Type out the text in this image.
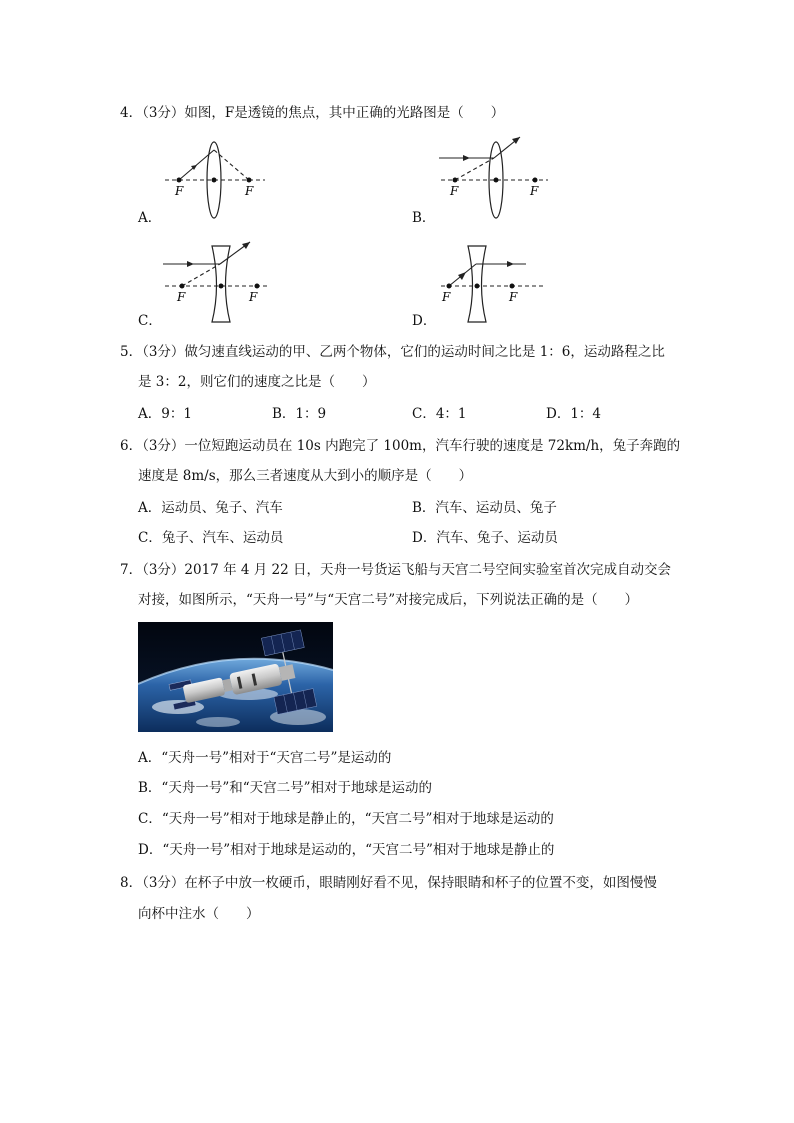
4．（3分）如图，F是透镜的焦点，其中正确的光路图是（　　）
F	F
A．
F	F
B．
F	F
C．
F	F
D．
5．（3分）做匀速直线运动的甲、乙两个物体，它们的运动时间之比是 1：6，运动路程之比
是 3：2，则它们的速度之比是（　　）
A．9：1	B．1：9	C．4：1	D．1：4
6．（3分）一位短跑运动员在 10s 内跑完了 100m，汽车行驶的速度是 72km/h，兔子奔跑的
速度是 8m/s，那么三者速度从大到小的顺序是（　　）
A．运动员、兔子、汽车	B．汽车、运动员、兔子
C．兔子、汽车、运动员	D．汽车、兔子、运动员
7．（3分）2017 年 4 月 22 日，天舟一号货运飞船与天宫二号空间实验室首次完成自动交会
对接，如图所示，“天舟一号”与“天宫二号”对接完成后，下列说法正确的是（　　）
A．“天舟一号”相对于“天宫二号”是运动的
B．“天舟一号”和“天宫二号”相对于地球是运动的
C．“天舟一号”相对于地球是静止的，“天宫二号”相对于地球是运动的
D．“天舟一号”相对于地球是运动的，“天宫二号”相对于地球是静止的
8．（3分）在杯子中放一枚硬币，眼睛刚好看不见，保持眼睛和杯子的位置不变，如图慢慢
向杯中注水（　　）
